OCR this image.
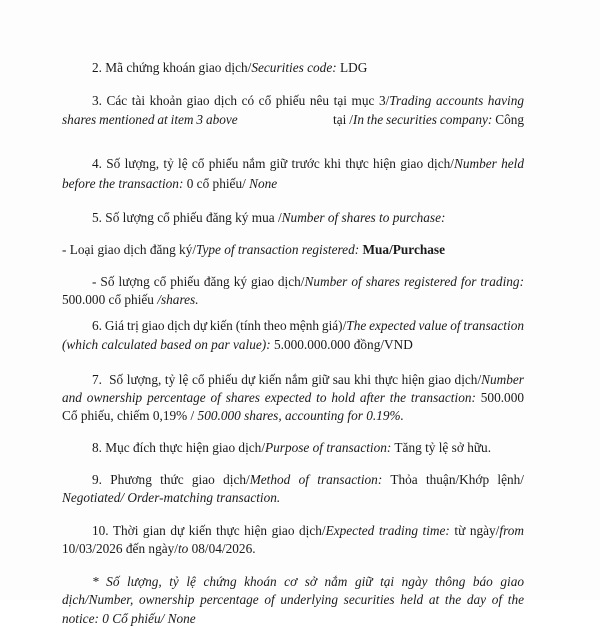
2. Mã chứng khoán giao dịch/Securities code: LDG
3. Các tài khoản giao dịch có cổ phiếu nêu tại mục 3/Trading accounts having
shares mentioned at item 3 above                                 tại /In the securities company: Công
4. Số lượng, tỷ lệ cổ phiếu nắm giữ trước khi thực hiện giao dịch/Number held
before the transaction: 0 cổ phiếu/ None
5. Số lượng cổ phiếu đăng ký mua /Number of shares to purchase:
- Loại giao dịch đăng ký/Type of transaction registered: Mua/Purchase
- Số lượng cổ phiếu đăng ký giao dịch/Number of shares registered for trading:
500.000 cổ phiếu /shares.
6. Giá trị giao dịch dự kiến (tính theo mệnh giá)/The expected value of transaction
(which calculated based on par value): 5.000.000.000 đồng/VND
7.  Số lượng, tỷ lệ cổ phiếu dự kiến nắm giữ sau khi thực hiện giao dịch/Number
and ownership percentage of shares expected to hold after the transaction: 500.000
Cổ phiếu, chiếm 0,19% / 500.000 shares, accounting for 0.19%.
8. Mục đích thực hiện giao dịch/Purpose of transaction: Tăng tỷ lệ sở hữu.
9. Phương thức giao dịch/Method of transaction: Thỏa thuận/Khớp lệnh/
Negotiated/ Order-matching transaction.
10. Thời gian dự kiến thực hiện giao dịch/Expected trading time: từ ngày/from
10/03/2026 đến ngày/to 08/04/2026.
* Số lượng, tỷ lệ chứng khoán cơ sở nắm giữ tại ngày thông báo giao
dịch/Number, ownership percentage of underlying securities held at the day of the
notice: 0 Cổ phiếu/ None
